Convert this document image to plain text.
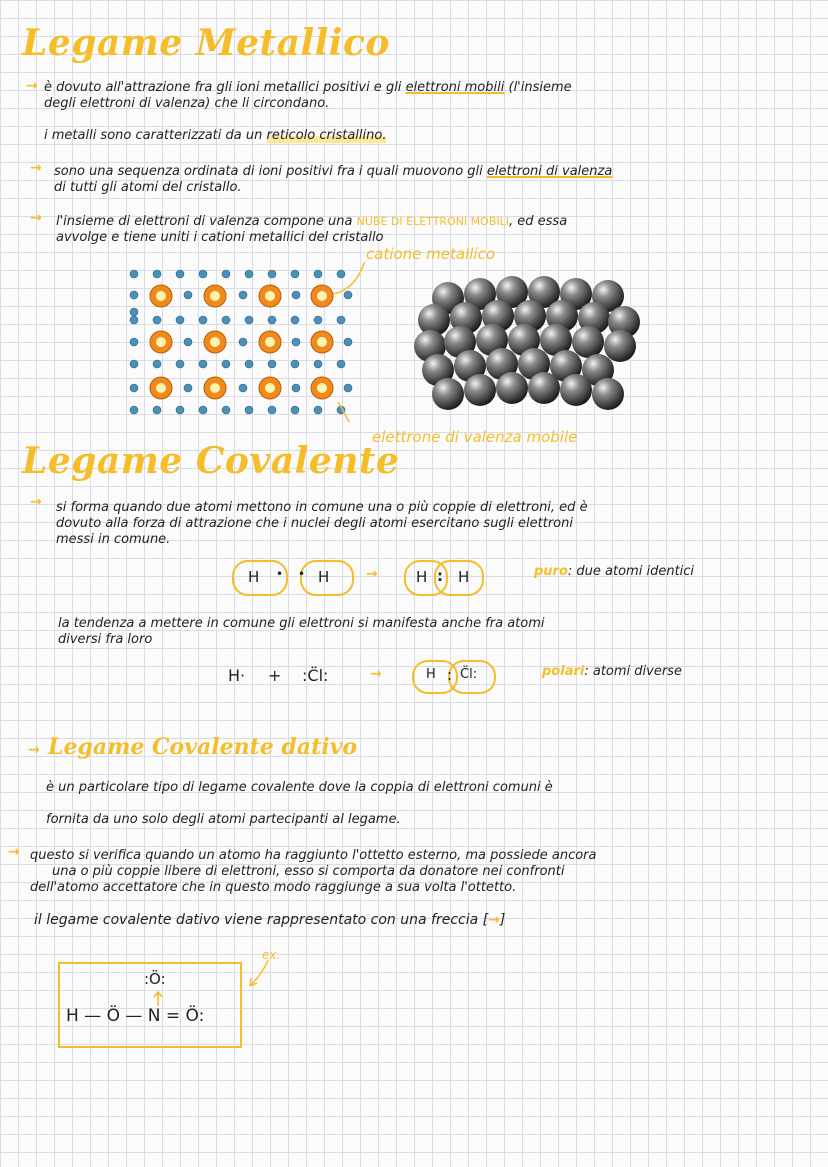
Legame Metallico
→ è dovuto all'attrazione fra gli ioni metallici positivi e gli elettroni mobili (l'insieme
degli elettroni di valenza) che li circondano.
i metalli sono caratterizzati da un reticolo cristallino.
→ sono una sequenza ordinata di ioni positivi fra i quali muovono gli elettroni di valenza
di tutti gli atomi del cristallo.
→ l'insieme di elettroni di valenza compone una NUBE DI ELETTRONI MOBILI, ed essa
avvolge e tiene uniti i cationi metallici del cristallo
catione metallico
elettrone di valenza mobile
Legame Covalente
→ si forma quando due atomi mettono in comune una o più coppie di elettroni, ed è
dovuto alla forza di attrazione che i nuclei degli atomi esercitano sugli elettroni
messi in comune.
H • • H	→	H : H	puro: due atomi identici
la tendenza a mettere in comune gli elettroni si manifesta anche fra atomi
diversi fra loro
H· + :C̈l:	→	H : C̈l:	polari: atomi diverse
→ Legame Covalente dativo
è un particolare tipo di legame covalente dove la coppia di elettroni comuni è
fornita da uno solo degli atomi partecipanti al legame.
→ questo si verifica quando un atomo ha raggiunto l'ottetto esterno, ma possiede ancora
una o più coppie libere di elettroni, esso si comporta da donatore nei confronti
dell'atomo accettatore che in questo modo raggiunge a sua volta l'ottetto.
il legame covalente dativo viene rappresentato con una freccia [→]
ex.
:Ö:
H — Ö — N = Ö:
